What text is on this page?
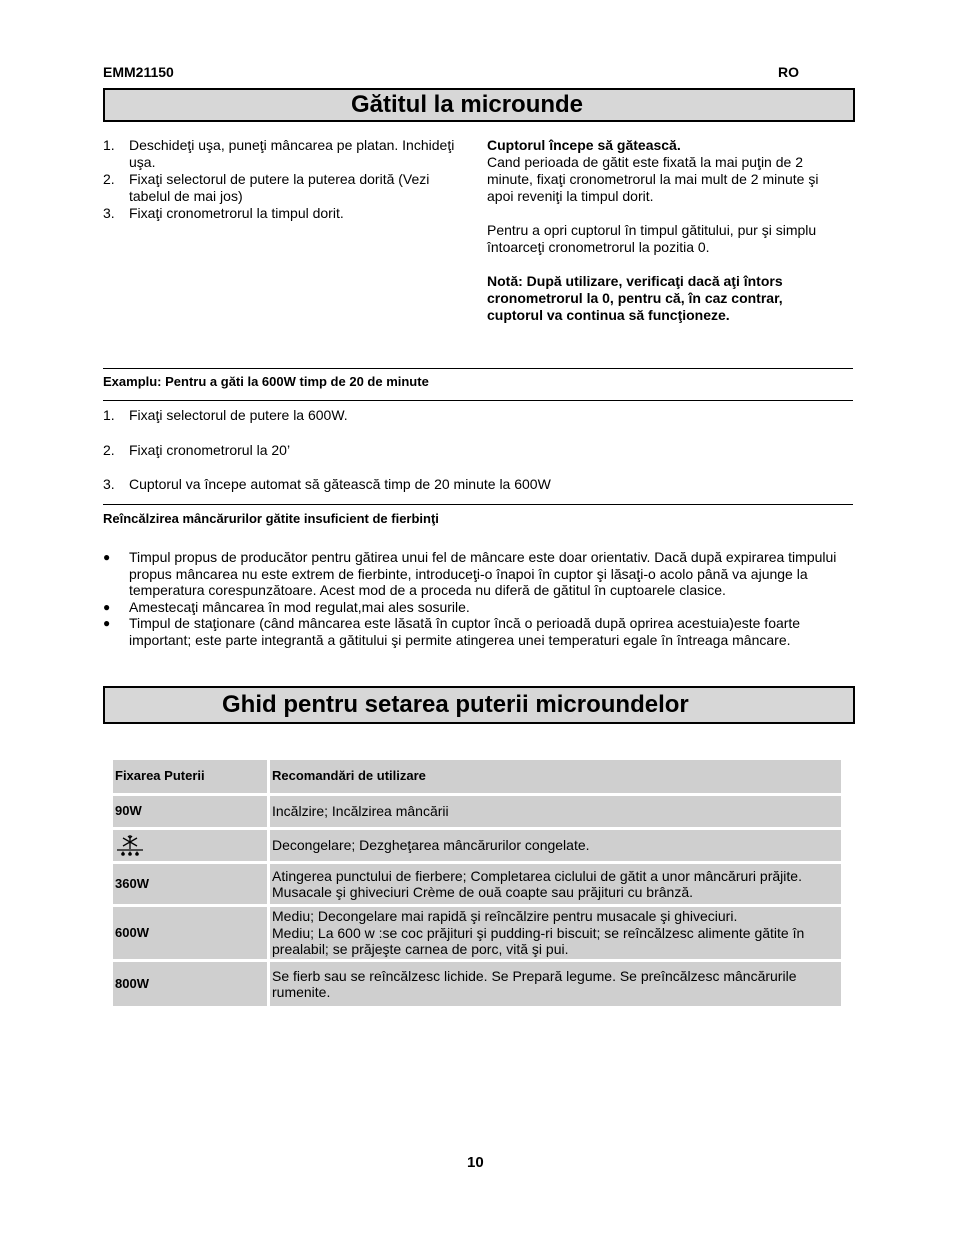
EMM21150	RO
Gătitul la microunde
1. Deschideţi uşa, puneţi mâncarea pe platan. Inchideţi uşa.
2. Fixaţi selectorul de putere la puterea dorită (Vezi tabelul de mai jos)
3. Fixaţi cronometrorul la timpul dorit.
Cuptorul începe să gătească.
Cand perioada de gătit este fixată la mai puţin de 2 minute, fixaţi cronometrorul la mai mult de 2 minute şi apoi reveniţi la timpul dorit.
Pentru a opri cuptorul în timpul gătitului, pur şi simplu întoarceţi cronometrorul la pozitia 0.
Notă: După utilizare, verificaţi dacă aţi întors cronometrorul la 0, pentru că, în caz contrar, cuptorul va continua să funcţioneze.
Examplu: Pentru a găti la 600W timp de 20 de minute
1. Fixaţi selectorul de putere la 600W.
2. Fixaţi cronometrorul la 20’
3. Cuptorul va începe automat să gătească timp de 20 minute la 600W
Reîncălzirea mâncărurilor gătite insuficient de fierbinţi
● Timpul propus de producător pentru gătirea unui fel de mâncare este doar orientativ. Dacă după expirarea timpului propus mâncarea nu este extrem de fierbinte, introduceţi-o înapoi în cuptor şi lăsaţi-o acolo până va ajunge la temperatura corespunzătoare. Acest mod de a proceda nu diferă de gătitul în cuptoarele clasice.
● Amestecaţi mâncarea în mod regulat,mai ales sosurile.
● Timpul de staţionare (când mâncarea este lăsată în cuptor încă o perioadă după oprirea acestuia)este foarte important; este parte integrantă a gătitului şi permite atingerea unei temperaturi egale în întreaga mâncare.
Ghid pentru setarea puterii microundelor
Fixarea Puterii	Recomandări de utilizare
90W	Incălzire; Incălzirea mâncării
	Decongelare; Dezgheţarea mâncărurilor congelate.
360W	Atingerea punctului de fierbere; Completarea ciclului de gătit a unor mâncăruri prăjite. Musacale şi ghiveciuri Crème de ouă coapte sau prăjituri cu brânză.
600W	Mediu; Decongelare mai rapidă şi reîncălzire pentru musacale şi ghiveciuri.
Mediu; La 600 w :se coc prăjituri şi pudding-ri biscuit; se reîncălzesc alimente gătite în prealabil; se prăjeşte carnea de porc, vită şi pui.

800W	Se fierb sau se reîncălzesc lichide. Se Prepară legume. Se preîncălzesc mâncărurile rumenite.
10
